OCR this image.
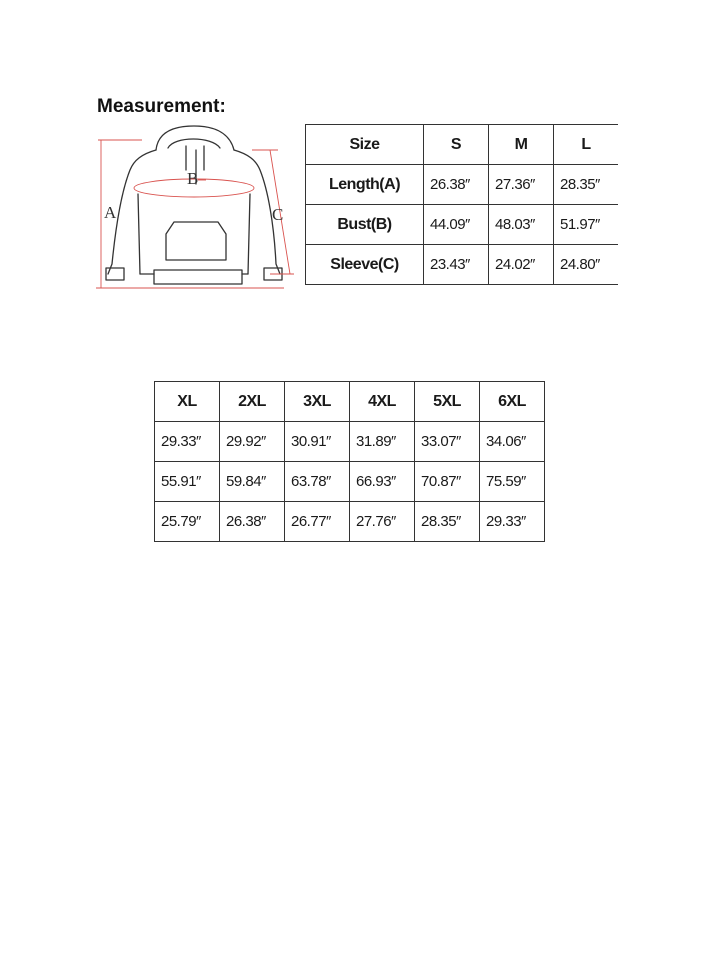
Measurement:
A
B
C
Size	S	M	L
Length(A)	26.38″	27.36″	28.35″
Bust(B)	44.09″	48.03″	51.97″
Sleeve(C)	23.43″	24.02″	24.80″
XL	2XL	3XL	4XL	5XL	6XL
29.33″	29.92″	30.91″	31.89″	33.07″	34.06″
55.91″	59.84″	63.78″	66.93″	70.87″	75.59″
25.79″	26.38″	26.77″	27.76″	28.35″	29.33″
